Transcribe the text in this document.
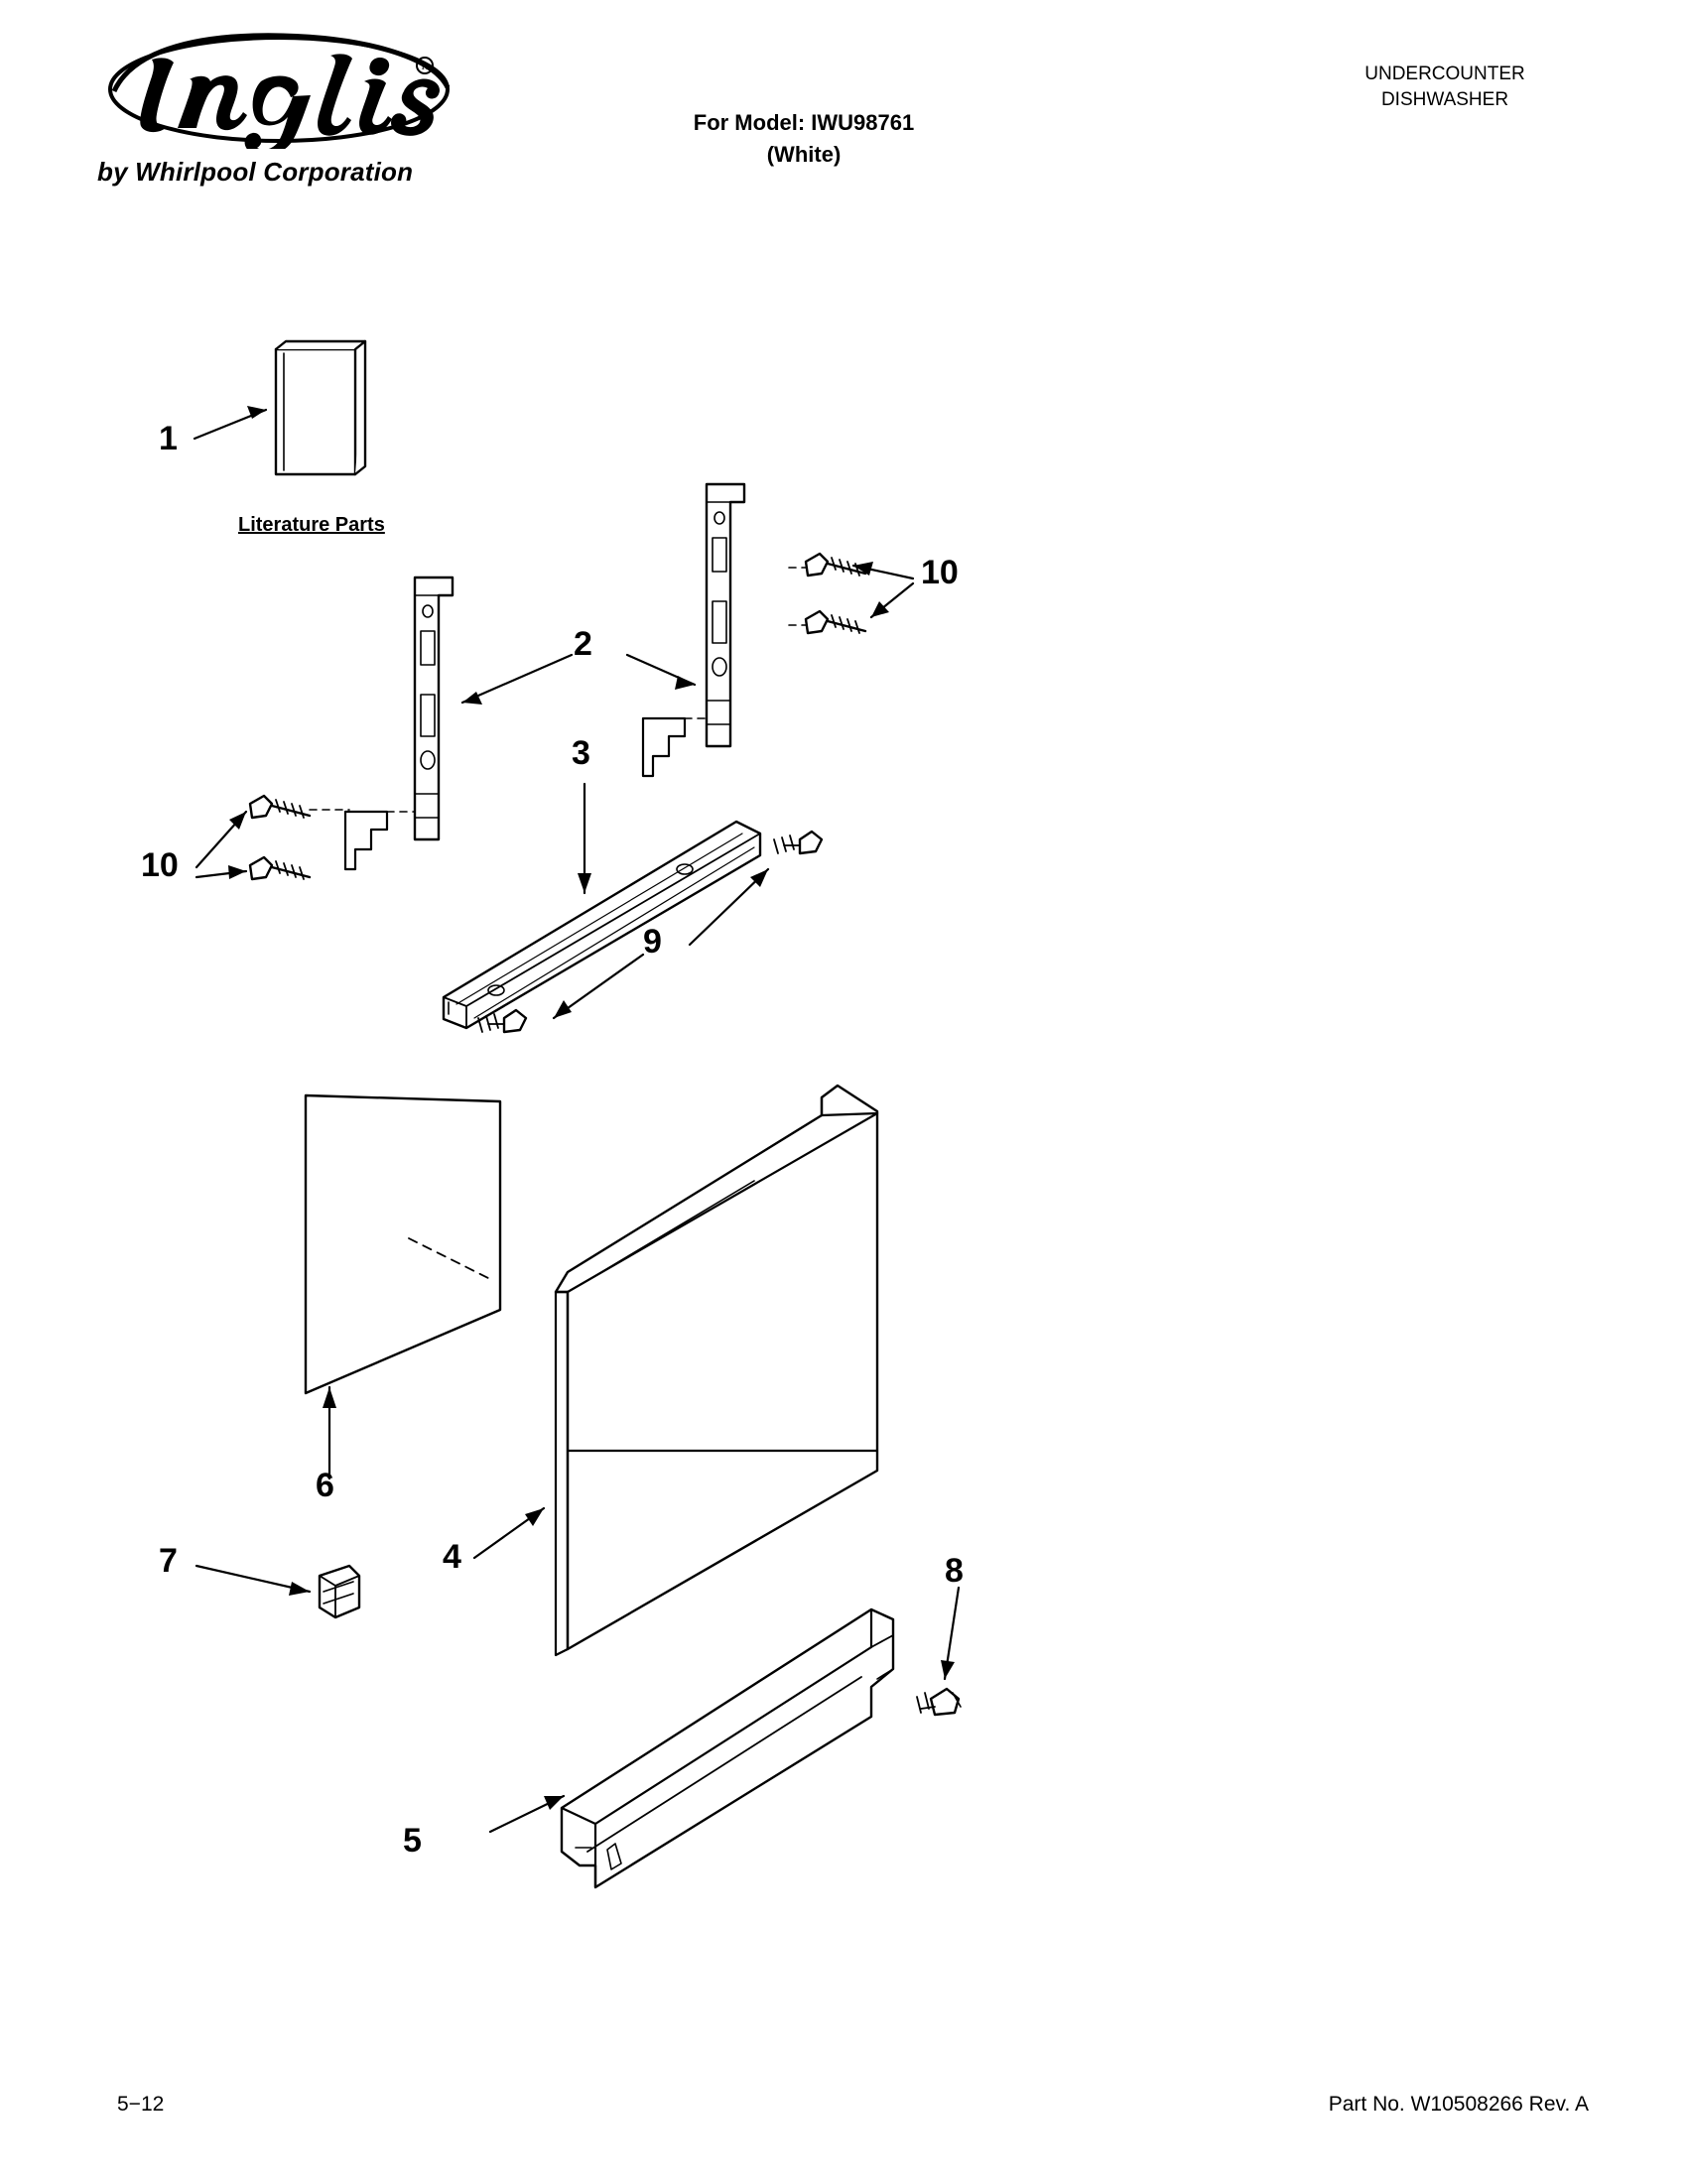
R
by Whirlpool Corporation
For Model: IWU98761
(White)
UNDERCOUNTER
DISHWASHER
1
2
3
4
5
6
7	8
9
10
10
Literature Parts
5−12	Part No. W10508266 Rev. A
